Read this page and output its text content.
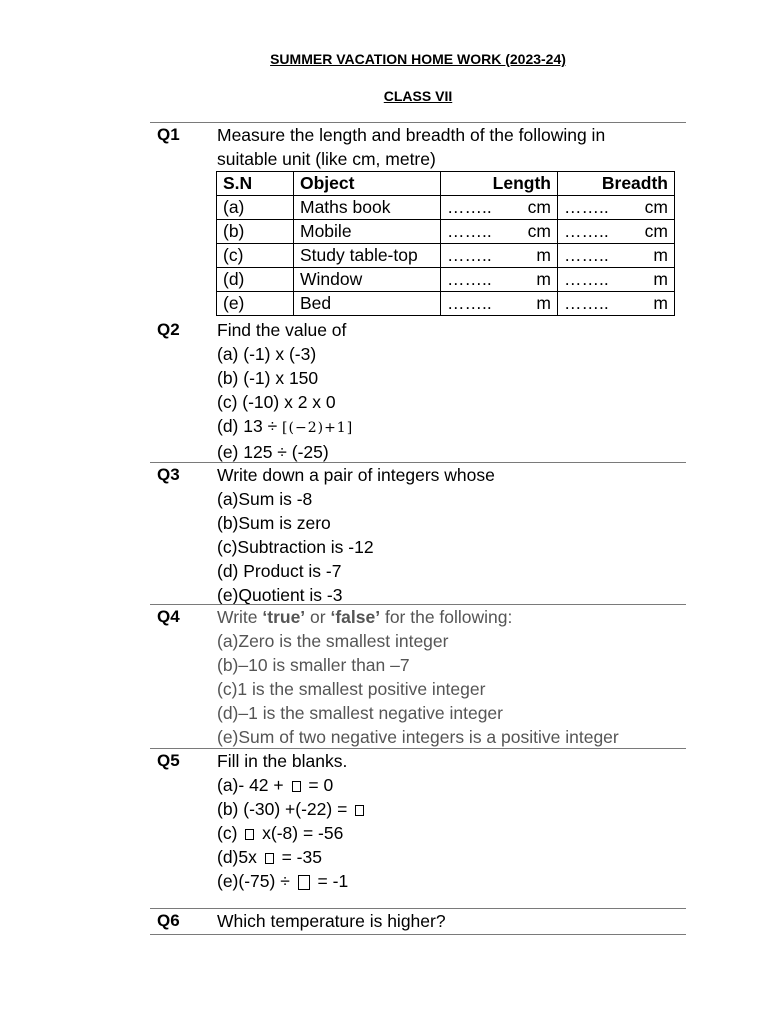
SUMMER VACATION HOME WORK (2023-24)
CLASS VII
Q1 Measure the length and breadth of the following in
suitable unit (like cm, metre)
S.N	Object	Length	Breadth
(a)	Maths book	…….. cm	…….. cm

(b)	Mobile	…….. cm	…….. cm

(c)	Study table-top	…….. m	…….. m

(d)	Window	…….. m	…….. m

(e)	Bed	…….. m	…….. m
Q2 Find the value of
(a) (-1) x (-3)
(b) (-1) x 150
(c) (-10) x 2 x 0
(d) 13 ÷ [(−2)+1]
(e) 125 ÷ (-25)
Q3 Write down a pair of integers whose
(a)Sum is -8
(b)Sum is zero
(c)Subtraction is -12
(d) Product is -7
(e)Quotient is -3
Q4 Write ‘true’ or ‘false’ for the following:
(a)Zero is the smallest integer
(b)–10 is smaller than –7
(c)1 is the smallest positive integer
(d)–1 is the smallest negative integer
(e)Sum of two negative integers is a positive integer
Q5 Fill in the blanks.
(a)- 42 +  = 0
(b) (-30) +(-22) =
(c)  x(-8) = -56
(d)5x  = -35
(e)(-75) ÷  = -1
Q6 Which temperature is higher?
